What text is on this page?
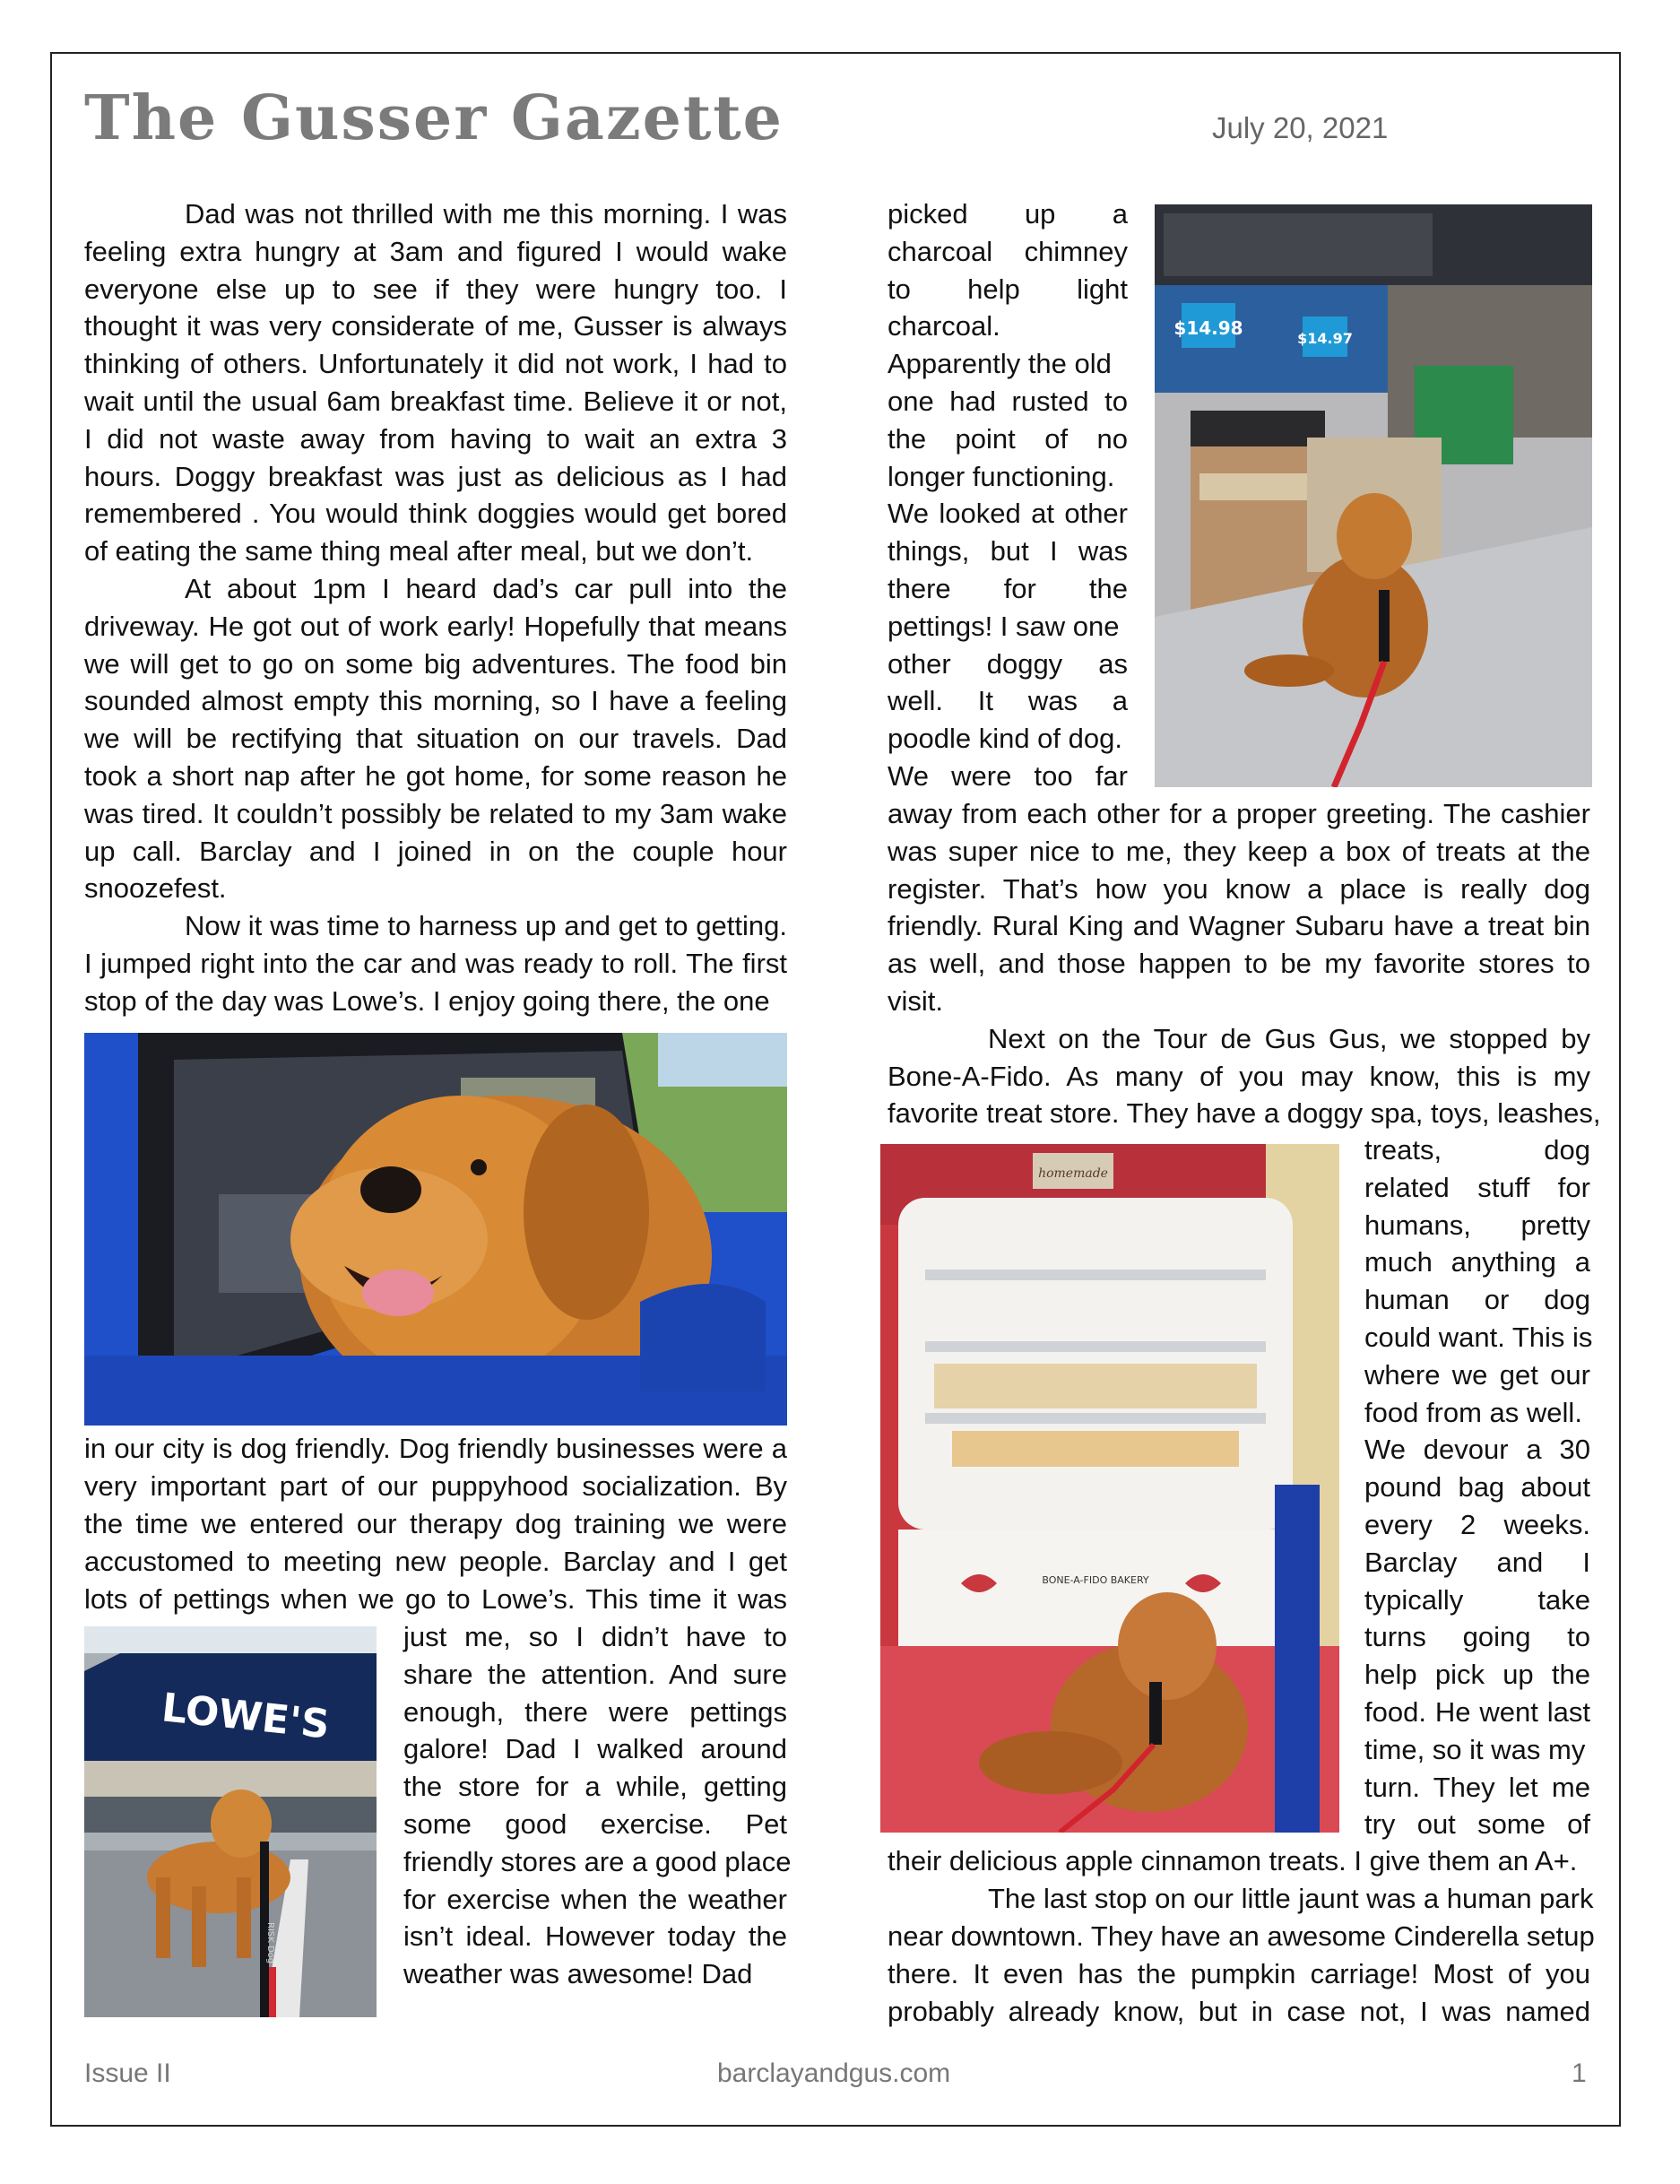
The Gusser Gazette	July 20, 2021
Dad was not thrilled with me this morning. I was
feeling extra hungry at 3am and figured I would wake
everyone else up to see if they were hungry too. I
thought it was very considerate of me, Gusser is always
thinking of others. Unfortunately it did not work, I had to
wait until the usual 6am breakfast time. Believe it or not,
I did not waste away from having to wait an extra 3
hours. Doggy breakfast was just as delicious as I had
remembered . You would think doggies would get bored
of eating the same thing meal after meal, but we don’t.
At about 1pm I heard dad’s car pull into the
driveway. He got out of work early! Hopefully that means
we will get to go on some big adventures. The food bin
sounded almost empty this morning, so I have a feeling
we will be rectifying that situation on our travels. Dad
took a short nap after he got home, for some reason he
was tired. It couldn’t possibly be related to my 3am wake
up call. Barclay and I joined in on the couple hour
snoozefest.
Now it was time to harness up and get to getting.
I jumped right into the car and was ready to roll. The first
stop of the day was Lowe’s. I enjoy going there, the one
in our city is dog friendly. Dog friendly businesses were a
very important part of our puppyhood socialization. By
the time we entered our therapy dog training we were
accustomed to meeting new people. Barclay and I get
lots of pettings when we go to Lowe’s. This time it was
LOWE'S
RISK Dog
just me, so I didn’t have to
share the attention. And sure
enough, there were pettings
galore! Dad I walked around
the store for a while, getting
some good exercise. Pet
friendly stores are a good place
for exercise when the weather
isn’t ideal. However today the
weather was awesome! Dad
picked up a
charcoal chimney
to help light
charcoal.
Apparently the old
one had rusted to
the point of no
longer functioning.
We looked at other
things, but I was
there for the
pettings! I saw one
other doggy as
well. It was a
poodle kind of dog.
We were too far
$14.98	$14.97
away from each other for a proper greeting. The cashier
was super nice to me, they keep a box of treats at the
register. That’s how you know a place is really dog
friendly. Rural King and Wagner Subaru have a treat bin
as well, and those happen to be my favorite stores to
visit.
Next on the Tour de Gus Gus, we stopped by
Bone-A-Fido. As many of you may know, this is my
favorite treat store. They have a doggy spa, toys, leashes,
homemade
BONE-A-FIDO BAKERY
treats, dog
related stuff for
humans, pretty
much anything a
human or dog
could want. This is
where we get our
food from as well.
We devour a 30
pound bag about
every 2 weeks.
Barclay and I
typically take
turns going to
help pick up the
food. He went last
time, so it was my
turn. They let me
try out some of
their delicious apple cinnamon treats. I give them an A+.
The last stop on our little jaunt was a human park
near downtown. They have an awesome Cinderella setup
there. It even has the pumpkin carriage! Most of you
probably already know, but in case not, I was named
Issue II	barclayandgus.com	1
